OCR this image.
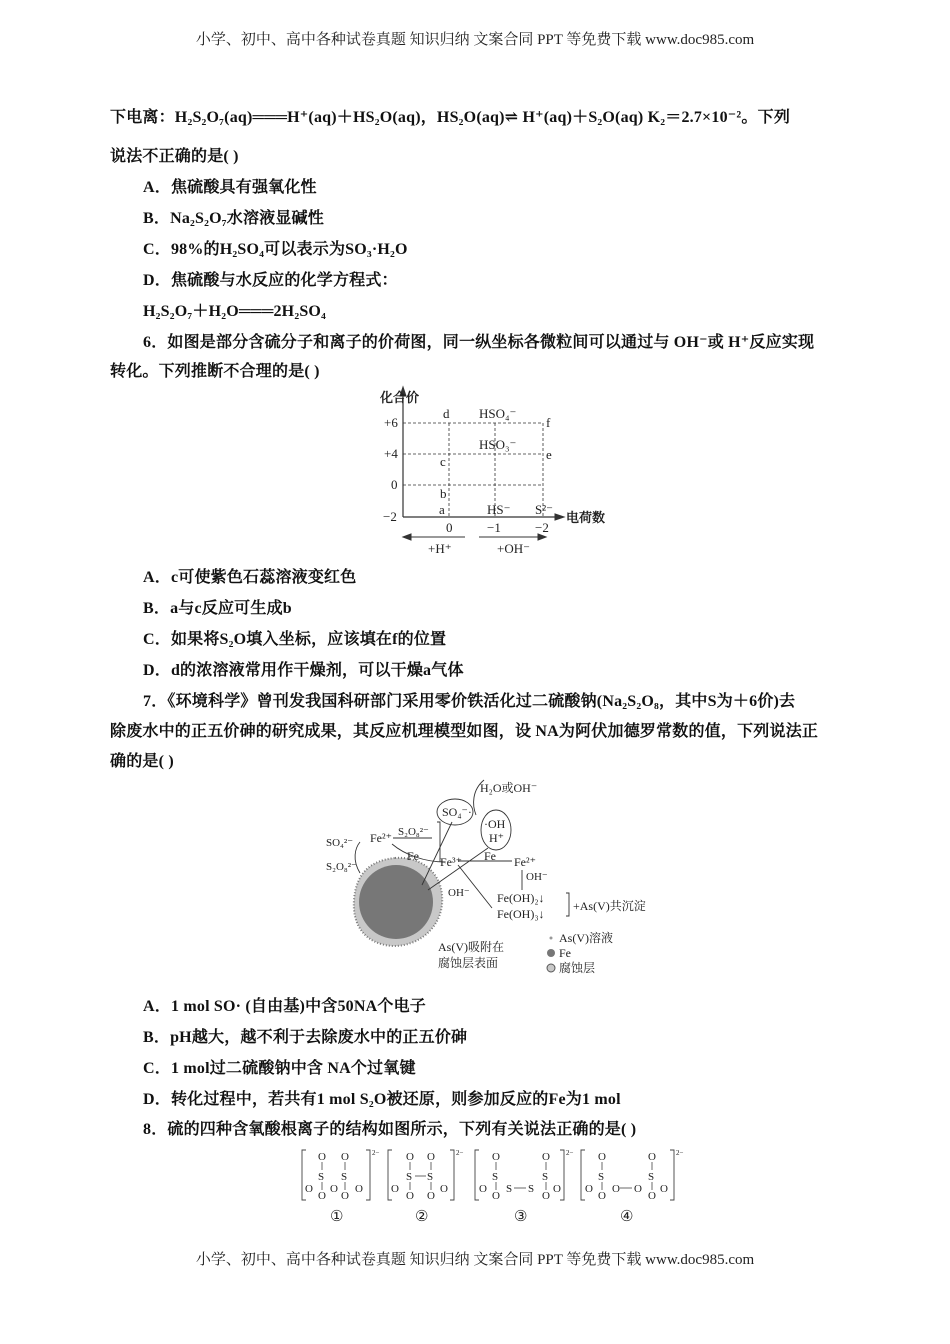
小学、初中、高中各种试卷真题 知识归纳 文案合同 PPT 等免费下载 www.doc985.com
下电离：H₂S₂O₇(aq)═══H⁺(aq)＋HS₂O(aq)，HS₂O(aq)⇌ H⁺(aq)＋S₂O(aq) K₂＝2.7×10⁻²。下列
说法不正确的是( )
A．焦硫酸具有强氧化性
B．Na₂S₂O₇水溶液显碱性
C．98%的H₂SO₄可以表示为SO₃·H₂O
D．焦硫酸与水反应的化学方程式：
H₂S₂O₇＋H₂O═══2H₂SO₄
6．如图是部分含硫分子和离子的价荷图，同一纵坐标各微粒间可以通过与 OH⁻或 H⁺反应实现
转化。下列推断不合理的是( )
化合价
电荷数
+6
+4
0
−2
0	−1	−2
d HSO₄⁻
f
HSO₃⁻
e
c
b
a	HS⁻ S²⁻
+H⁺	+OH⁻
A．c可使紫色石蕊溶液变红色
B．a与c反应可生成b
C．如果将S₂O填入坐标，应该填在f的位置
D．d的浓溶液常用作干燥剂，可以干燥a气体
7．《环境科学》曾刊发我国科研部门采用零价铁活化过二硫酸钠(Na₂S₂O₈，其中S为＋6价)去
除废水中的正五价砷的研究成果，其反应机理模型如图，设 NA为阿伏加德罗常数的值，下列说法正
确的是( )
H₂O或OH⁻
SO₄⁻·
·OH
H⁺
Fe²⁺ S₂O₈²⁻
SO₄²⁻
S₂O₈²⁻
Fe Fe³⁺ Fe Fe²⁺
OH⁻
OH⁻ Fe(OH)₂↓
Fe(OH)₃↓
+As(V)共沉淀
As(V)吸附在
腐蚀层表面
As(V)溶液
Fe
腐蚀层
A．1 mol SO· (自由基)中含50NA个电子
B．pH越大，越不利于去除废水中的正五价砷
C．1 mol过二硫酸钠中含 NA个过氧键
D．转化过程中，若共有1 mol S₂O被还原，则参加反应的Fe为1 mol
8．硫的四种含氧酸根离子的结构如图所示，下列有关说法正确的是( )
O O
S S
O O O
O O
O O
S S
O	O
O O
O	O
S	S
O S S O
O	O
O	O
S	S
O O O O
O	O
2−	2−	2−	2−
①	②	③	④
小学、初中、高中各种试卷真题 知识归纳 文案合同 PPT 等免费下载 www.doc985.com
